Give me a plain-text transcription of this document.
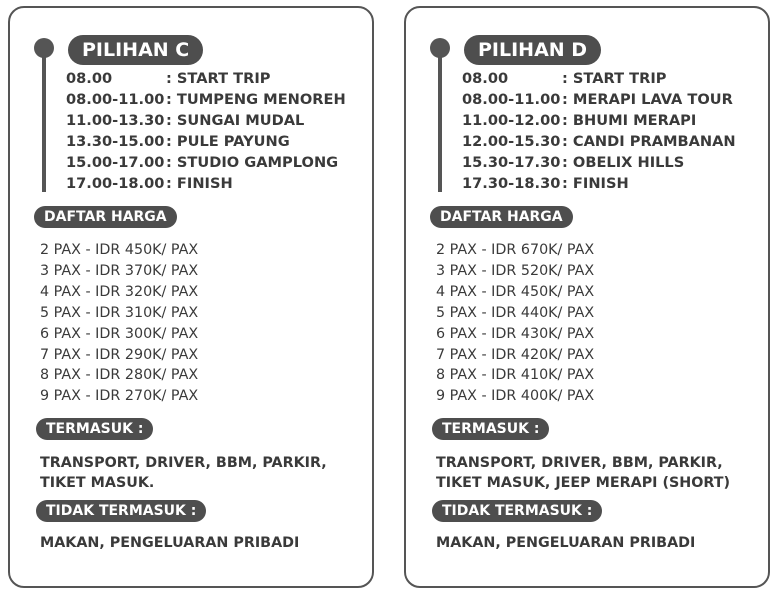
PILIHAN C
08.00	: START TRIP
08.00-11.00 : TUMPENG MENOREH
11.00-13.30 : SUNGAI MUDAL
13.30-15.00 : PULE PAYUNG
15.00-17.00 : STUDIO GAMPLONG
17.00-18.00 : FINISH
DAFTAR HARGA
2 PAX - IDR 450K/ PAX
3 PAX - IDR 370K/ PAX
4 PAX - IDR 320K/ PAX
5 PAX - IDR 310K/ PAX
6 PAX - IDR 300K/ PAX
7 PAX - IDR 290K/ PAX
8 PAX - IDR 280K/ PAX
9 PAX - IDR 270K/ PAX
TERMASUK :
TRANSPORT, DRIVER, BBM, PARKIR, TIKET MASUK.
TIDAK TERMASUK :
MAKAN, PENGELUARAN PRIBADI
PILIHAN D
08.00	: START TRIP
08.00-11.00 : MERAPI LAVA TOUR
11.00-12.00 : BHUMI MERAPI
12.00-15.30 : CANDI PRAMBANAN
15.30-17.30 : OBELIX HILLS
17.30-18.30 : FINISH
DAFTAR HARGA
2 PAX - IDR 670K/ PAX
3 PAX - IDR 520K/ PAX
4 PAX - IDR 450K/ PAX
5 PAX - IDR 440K/ PAX
6 PAX - IDR 430K/ PAX
7 PAX - IDR 420K/ PAX
8 PAX - IDR 410K/ PAX
9 PAX - IDR 400K/ PAX
TERMASUK :
TRANSPORT, DRIVER, BBM, PARKIR, TIKET MASUK, JEEP MERAPI (SHORT)
TIDAK TERMASUK :
MAKAN, PENGELUARAN PRIBADI
